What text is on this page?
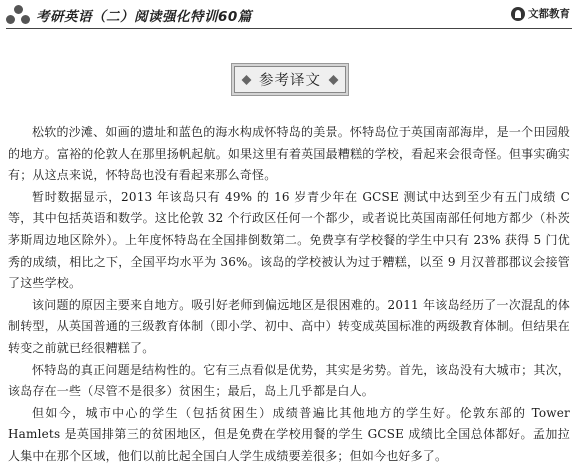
考研英语（二）阅读强化特训60篇	文都教育
参考译文

松软的沙滩、如画的遗址和蓝色的海水构成怀特岛的美景。怀特岛位于英国南部海岸，是一个田园般的地方。富裕的伦敦人在那里扬帆起航。如果这里有着英国最糟糕的学校，看起来会很奇怪。但事实确实有；从这点来说，怀特岛也没有看起来那么奇怪。

暂时数据显示，2013 年该岛只有 49% 的 16 岁青少年在 GCSE 测试中达到至少有五门成绩 C 等，其中包括英语和数学。这比伦敦 32 个行政区任何一个都少，或者说比英国南部任何地方都少（朴茨茅斯周边地区除外）。上年度怀特岛在全国排倒数第二。免费享有学校餐的学生中只有 23% 获得 5 门优秀的成绩，相比之下，全国平均水平为 36%。该岛的学校被认为过于糟糕，以至 9 月汉普郡郡议会接管了这些学校。

该问题的原因主要来自地方。吸引好老师到偏远地区是很困难的。2011 年该岛经历了一次混乱的体制转型，从英国普通的三级教育体制（即小学、初中、高中）转变成英国标准的两级教育体制。但结果在转变之前就已经很糟糕了。

怀特岛的真正问题是结构性的。它有三点看似是优势，其实是劣势。首先，该岛没有大城市；其次，该岛存在一些（尽管不是很多）贫困生；最后，岛上几乎都是白人。

但如今，城市中心的学生（包括贫困生）成绩普遍比其他地方的学生好。伦敦东部的 Tower Hamlets 是英国排第三的贫困地区，但是免费在学校用餐的学生 GCSE 成绩比全国总体都好。孟加拉人集中在那个区域，他们以前比起全国白人学生成绩要差很多；但如今也好多了。
